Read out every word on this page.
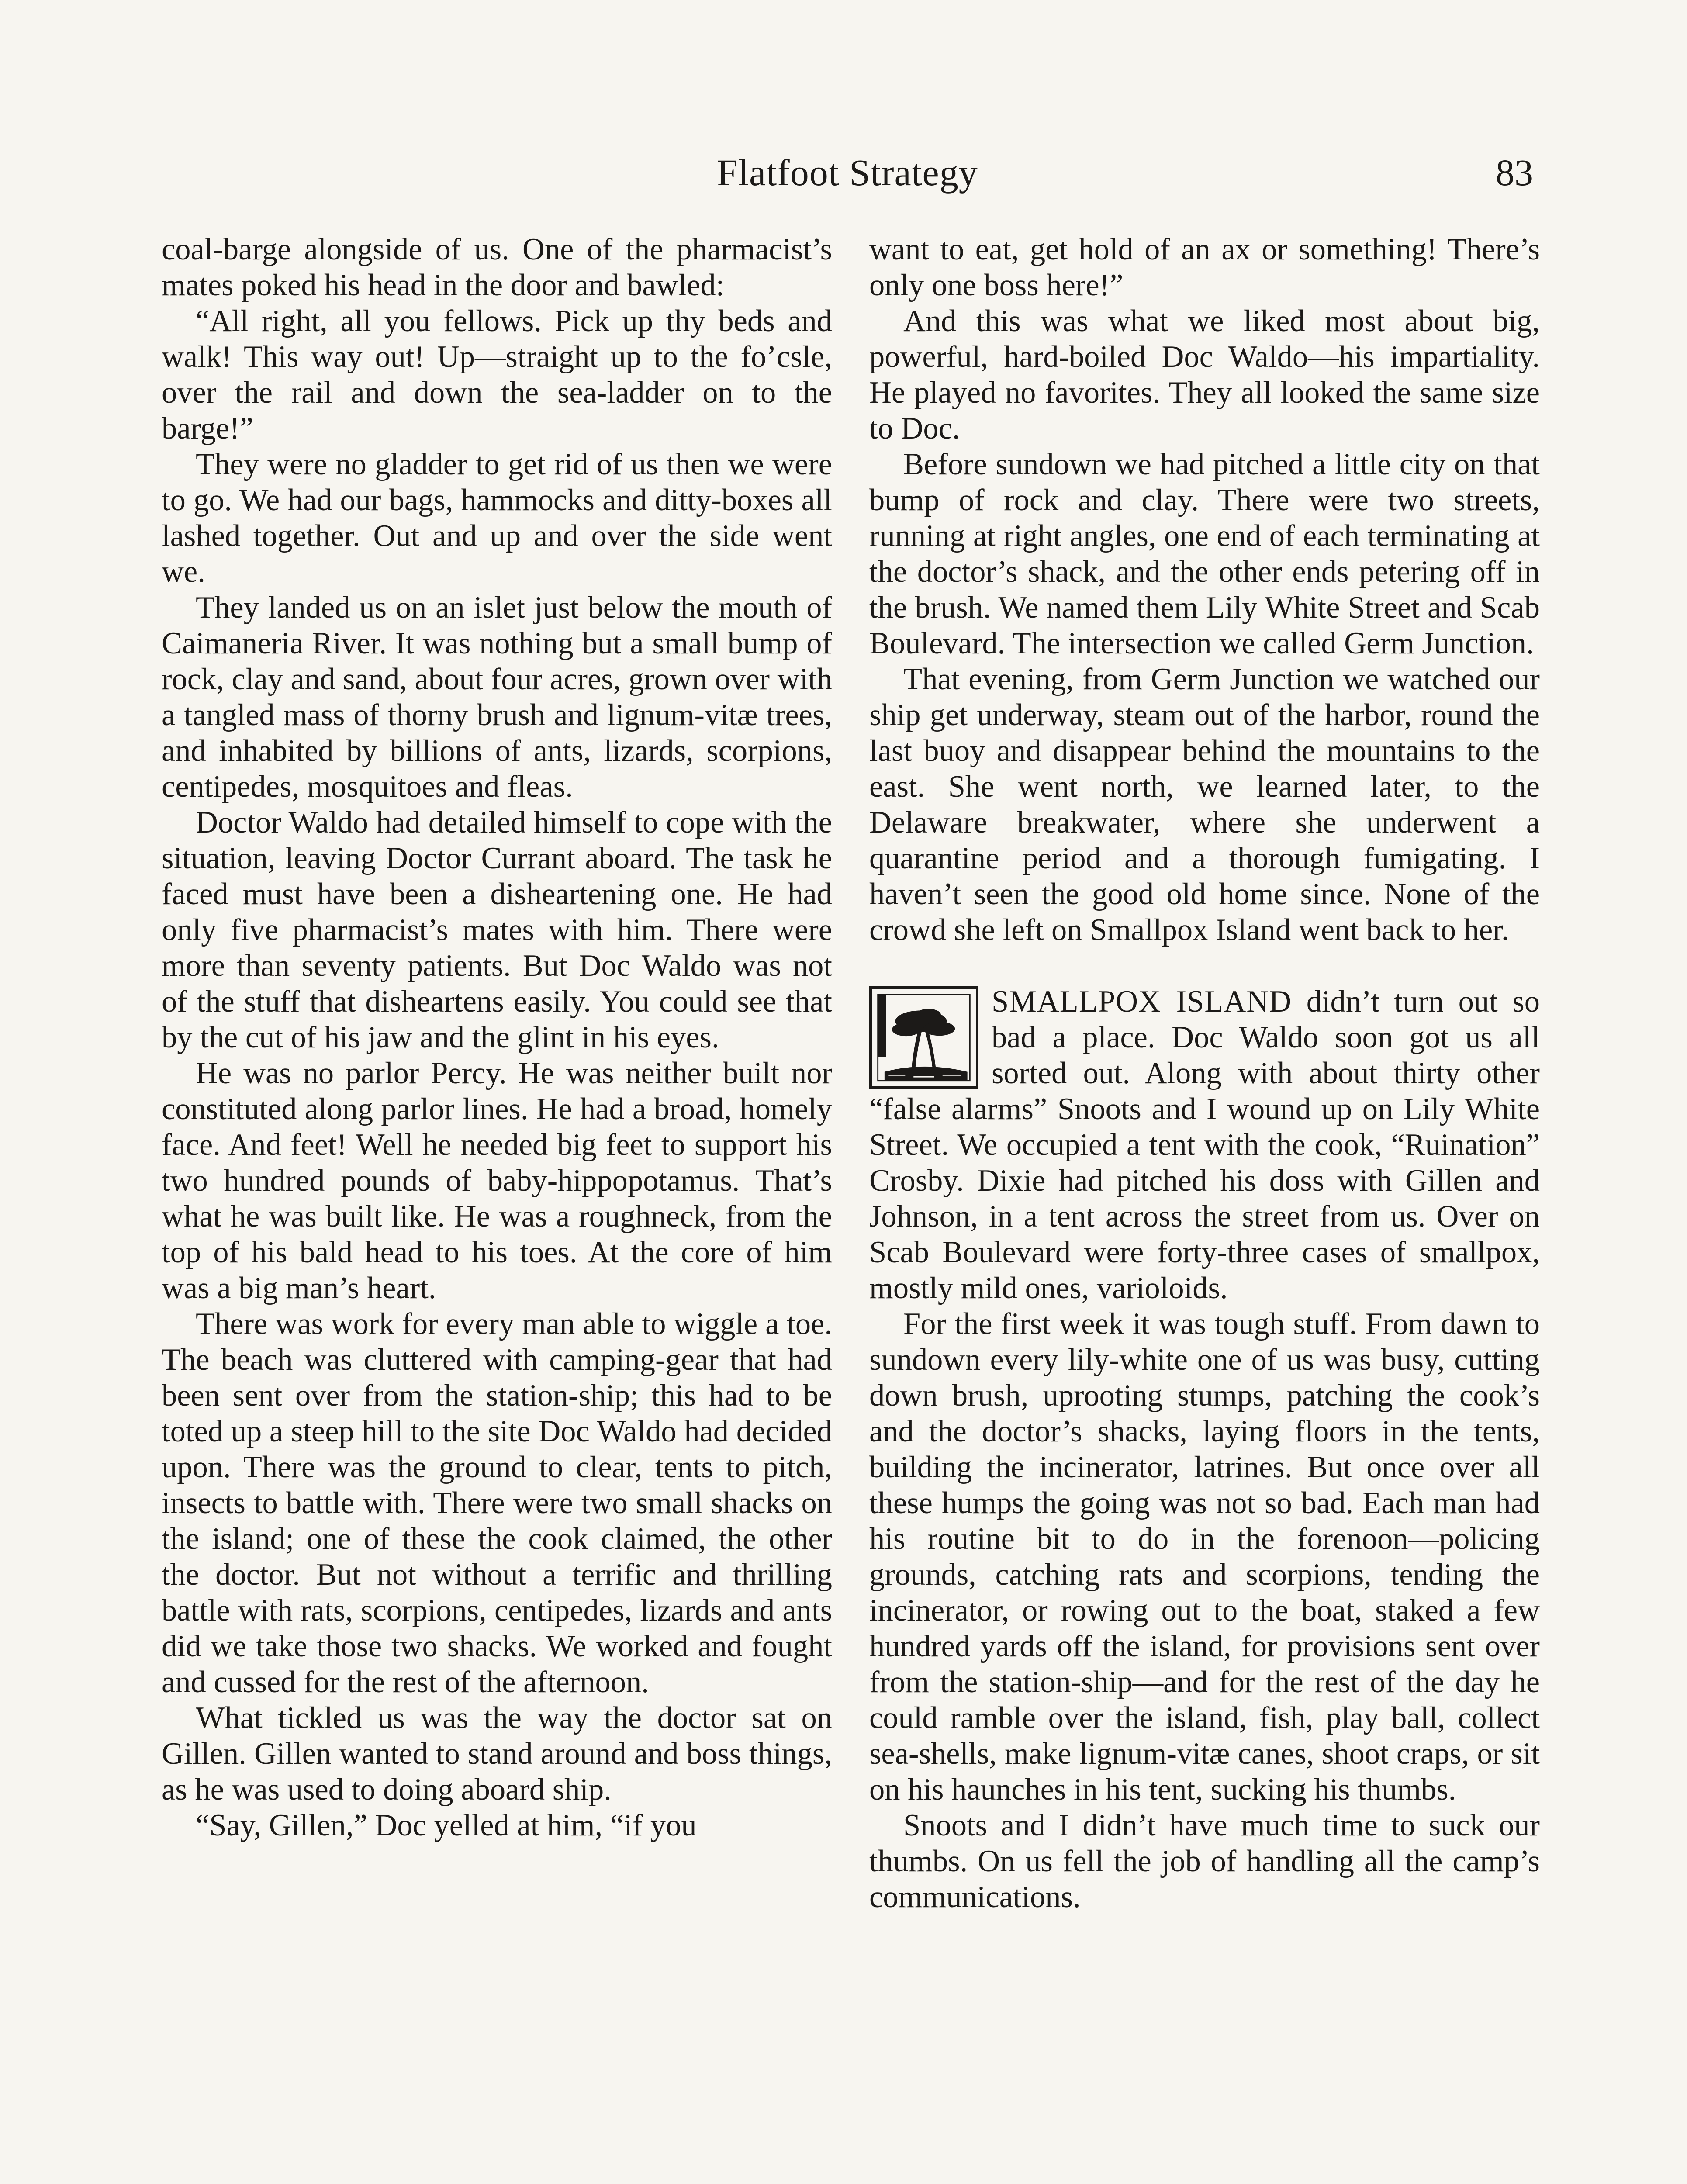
Flatfoot Strategy	83

coal-barge alongside of us. One of the pharmacist’s mates poked his head in the door and bawled:

“All right, all you fellows. Pick up thy beds and walk! This way out! Up—straight up to the fo’csle, over the rail and down the sea-ladder on to the barge!”

They were no gladder to get rid of us then we were to go. We had our bags, hammocks and ditty-boxes all lashed together. Out and up and over the side went we.

They landed us on an islet just below the mouth of Caimaneria River. It was nothing but a small bump of rock, clay and sand, about four acres, grown over with a tangled mass of thorny brush and lignum-vitæ trees, and inhabited by billions of ants, lizards, scorpions, centipedes, mosquitoes and fleas.

Doctor Waldo had detailed himself to cope with the situation, leaving Doctor Currant aboard. The task he faced must have been a disheartening one. He had only five pharmacist’s mates with him. There were more than seventy patients. But Doc Waldo was not of the stuff that disheartens easily. You could see that by the cut of his jaw and the glint in his eyes.

He was no parlor Percy. He was neither built nor constituted along parlor lines. He had a broad, homely face. And feet! Well he needed big feet to support his two hundred pounds of baby-hippopotamus. That’s what he was built like. He was a roughneck, from the top of his bald head to his toes. At the core of him was a big man’s heart.

There was work for every man able to wiggle a toe. The beach was cluttered with camping-gear that had been sent over from the station-ship; this had to be toted up a steep hill to the site Doc Waldo had decided upon. There was the ground to clear, tents to pitch, insects to battle with. There were two small shacks on the island; one of these the cook claimed, the other the doctor. But not without a terrific and thrilling battle with rats, scorpions, centipedes, lizards and ants did we take those two shacks. We worked and fought and cussed for the rest of the afternoon.

What tickled us was the way the doctor sat on Gillen. Gillen wanted to stand around and boss things, as he was used to doing aboard ship.

“Say, Gillen,” Doc yelled at him, “if you

want to eat, get hold of an ax or something! There’s only one boss here!”

And this was what we liked most about big, powerful, hard-boiled Doc Waldo—his impartiality. He played no favorites. They all looked the same size to Doc.

Before sundown we had pitched a little city on that bump of rock and clay. There were two streets, running at right angles, one end of each terminating at the doctor’s shack, and the other ends petering off in the brush. We named them Lily White Street and Scab Boulevard. The intersection we called Germ Junction.

That evening, from Germ Junction we watched our ship get underway, steam out of the harbor, round the last buoy and disappear behind the mountains to the east. She went north, we learned later, to the Delaware breakwater, where she underwent a quarantine period and a thorough fumigating. I haven’t seen the good old home since. None of the crowd she left on Smallpox Island went back to her.

SMALLPOX ISLAND didn’t turn out so bad a place. Doc Waldo soon got us all sorted out. Along with about thirty other “false alarms” Snoots and I wound up on Lily White Street. We occupied a tent with the cook, “Ruination” Crosby. Dixie had pitched his doss with Gillen and Johnson, in a tent across the street from us. Over on Scab Boulevard were forty-three cases of smallpox, mostly mild ones, varioloids.

For the first week it was tough stuff. From dawn to sundown every lily-white one of us was busy, cutting down brush, uprooting stumps, patching the cook’s and the doctor’s shacks, laying floors in the tents, building the incinerator, latrines. But once over all these humps the going was not so bad. Each man had his routine bit to do in the forenoon—policing grounds, catching rats and scorpions, tending the incinerator, or rowing out to the boat, staked a few hundred yards off the island, for provisions sent over from the station-ship—and for the rest of the day he could ramble over the island, fish, play ball, collect sea-shells, make lignum-vitæ canes, shoot craps, or sit on his haunches in his tent, sucking his thumbs.

Snoots and I didn’t have much time to suck our thumbs. On us fell the job of handling all the camp’s communications.
